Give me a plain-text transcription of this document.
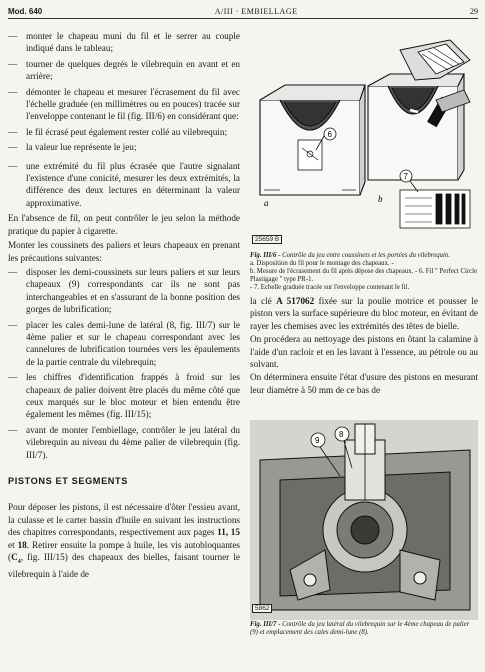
Mod. 640	A/III · EMBIELLAGE	29
— monter le chapeau muni du fil et le serrer au couple indiqué dans le tableau;
— tourner de quelques degrés le vilebrequin en avant et en arrière;
— démonter le chapeau et mesurer l'écrasement du fil avec l'échelle graduée (en millimètres ou en pouces) tracée sur l'enveloppe contenant le fil (fig. III/6) en considérant que:
— le fil écrasé peut également rester collé au vilebrequin;
— la valeur lue représente le jeu;
— une extrémité du fil plus écrasée que l'autre signalant l'existence d'une conicité, mesurer les deux extrémités, la différence des deux lectures en déterminant la valeur approximative.

En l'absence de fil, on peut contrôler le jeu selon la méthode pratique du papier à cigarette.

Monter les coussinets des paliers et leurs chapeaux en prenant les précautions suivantes:

— disposer les demi-coussinets sur leurs paliers et sur leurs chapeaux (9) correspondants car ils ne sont pas interchangeables et en s'assurant de la bonne position des gorges de lubrification;
— placer les cales demi-lune de latéral (8, fig. III/7) sur le 4ème palier et sur le chapeau correspondant avec les cannelures de lubrification tournées vers les épaulements de la partie centrale du vilebrequin;
— les chiffres d'identification frappés à froid sur les chapeaux de palier doivent être placés du même côté que ceux marqués sur le bloc moteur et bien entendu être également les mêmes (fig. III/15);
— avant de monter l'embiellage, contrôler le jeu latéral du vilebrequin au niveau du 4ème palier de vilebrequin (fig. III/7).
PISTONS ET SEGMENTS

Pour déposer les pistons, il est nécessaire d'ôter l'essieu avant, la culasse et le carter bassin d'huile en suivant les instructions des chapitres correspondants, respectivement aux pages 11, 15 et 18. Retirer ensuite la pompe à huile, les vis autobloquantes ($C_4$, fig. III/15) des chapeaux des bielles, faisant tourner le vilebrequin à l'aide de

6
7
a	b
25659 B
Fig. III/6 - Contrôle du jeu entre coussinets et les portées du vilebrequin.
a. Disposition du fil pour le montage des chapeaux. -
b. Mesure de l'écrasement du fil après dépose des chapeaux. - 6. Fil " Perfect Circle Plastigage " type PR-1.
- 7. Echelle graduée tracée sur l'enveloppe contenant le fil.

la clé A 517062 fixée sur la poulie motrice et pousser le piston vers la surface supérieure du bloc moteur, en évitant de rayer les chemises avec les extrémités des têtes de bielle.

On procédera au nettoyage des pistons en ôtant la calamine à l'aide d'un racloir et en les lavant à l'essence, au pétrole ou au solvant.

On déterminera ensuite l'état d'usure des pistons en mesurant leur diamètre à 50 mm de ce bas de

9
8
5862
Fig. III/7 - Contrôle du jeu latéral du vilebrequin sur le 4ème chapeau de palier (9) et emplacement des cales demi-lune (8).
